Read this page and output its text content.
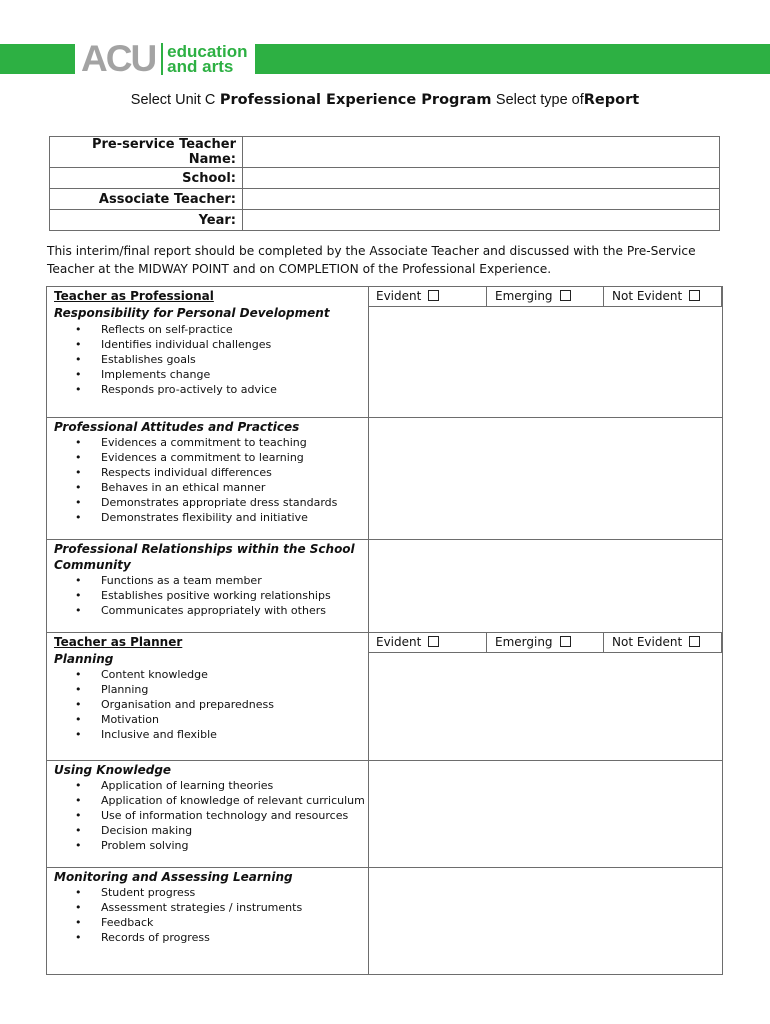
ACU education
and arts
Select Unit C Professional Experience Program Select type ofReport
Pre-service Teacher Name:	
School:	
Associate Teacher:	
Year:	
This interim/final report should be completed by the Associate Teacher and discussed with the Pre-Service Teacher at the MIDWAY POINT and on COMPLETION of the Professional Experience.
Evident	Emerging	Not Evident
Teacher as Professional
Responsibility for Personal Development
• Reflects on self-practice
• Identifies individual challenges
• Establishes goals
• Implements change
• Responds pro-actively to advice
Professional Attitudes and Practices
• Evidences a commitment to teaching
• Evidences a commitment to learning
• Respects individual differences
• Behaves in an ethical manner
• Demonstrates appropriate dress standards
• Demonstrates flexibility and initiative
Professional Relationships within the School
Community
• Functions as a team member
• Establishes positive working relationships
• Communicates appropriately with others
Evident	Emerging	Not Evident
Teacher as Planner
Planning
• Content knowledge
• Planning
• Organisation and preparedness
• Motivation
• Inclusive and flexible
Using Knowledge
• Application of learning theories
• Application of knowledge of relevant curriculum
• Use of information technology and resources
• Decision making
• Problem solving
Monitoring and Assessing Learning
• Student progress
• Assessment strategies / instruments
• Feedback
• Records of progress
